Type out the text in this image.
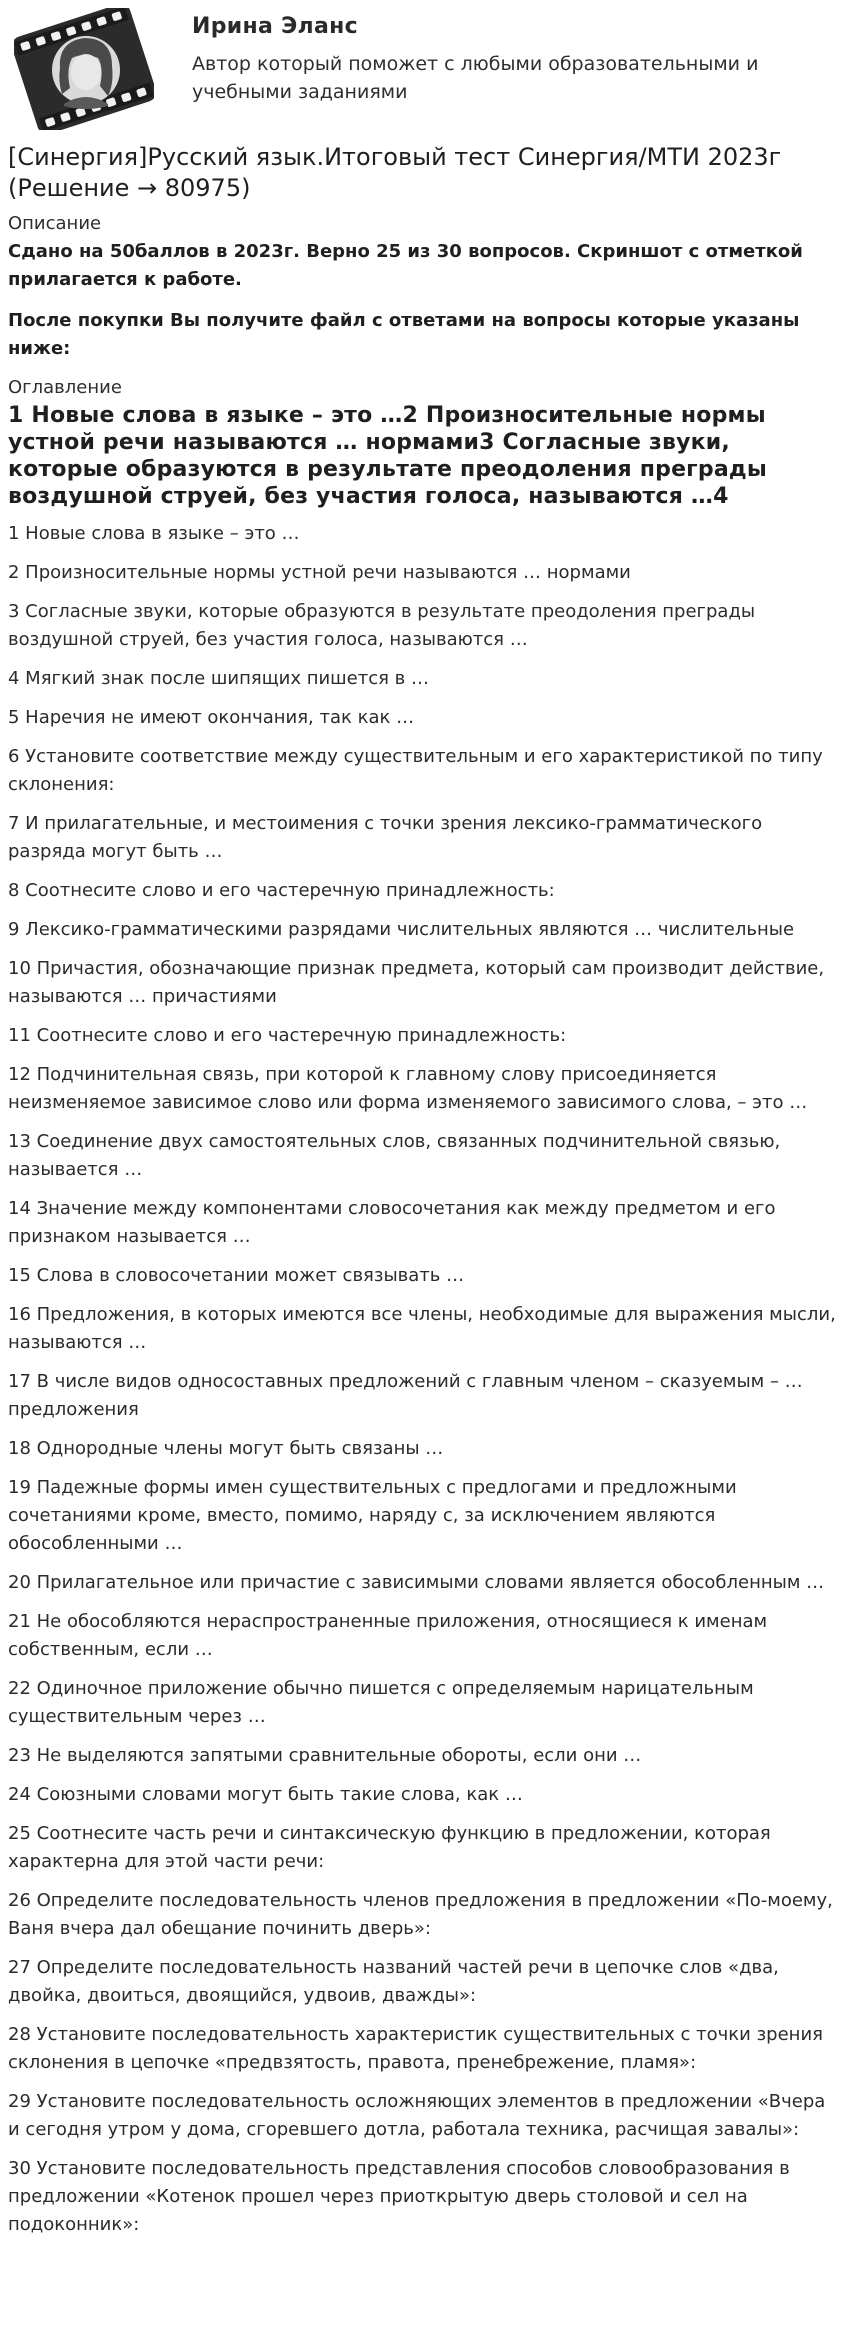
Ирина Эланс
Автор который поможет с любыми образовательными и учебными заданиями
[Синергия]Русский язык.Итоговый тест Синергия/МТИ 2023г (Решение → 80975)
Описание
Сдано на 50баллов в 2023г. Верно 25 из 30 вопросов. Скриншот с отметкой прилагается к работе.
После покупки Вы получите файл с ответами на вопросы которые указаны ниже:
Оглавление
1 Новые слова в языке – это …2 Произносительные нормы устной речи называются … нормами3 Согласные звуки, которые образуются в результате преодоления преграды воздушной струей, без участия голоса, называются …4

1 Новые слова в языке – это …

2 Произносительные нормы устной речи называются … нормами

3 Согласные звуки, которые образуются в результате преодоления преграды воздушной струей, без участия голоса, называются …

4 Мягкий знак после шипящих пишется в …

5 Наречия не имеют окончания, так как …

6 Установите соответствие между существительным и его характеристикой по типу склонения:

7 И прилагательные, и местоимения с точки зрения лексико-грамматического разряда могут быть …

8 Соотнесите слово и его частеречную принадлежность:

9 Лексико-грамматическими разрядами числительных являются … числительные

10 Причастия, обозначающие признак предмета, который сам производит действие, называются … причастиями

11 Соотнесите слово и его частеречную принадлежность:

12 Подчинительная связь, при которой к главному слову присоединяется неизменяемое зависимое слово или форма изменяемого зависимого слова, – это …

13 Соединение двух самостоятельных слов, связанных подчинительной связью, называется …

14 Значение между компонентами словосочетания как между предметом и его признаком называется …

15 Слова в словосочетании может связывать …

16 Предложения, в которых имеются все члены, необходимые для выражения мысли, называются …

17 В числе видов односоставных предложений с главным членом – сказуемым – … предложения

18 Однородные члены могут быть связаны …

19 Падежные формы имен существительных с предлогами и предложными сочетаниями кроме, вместо, помимо, наряду с, за исключением являются обособленными …

20 Прилагательное или причастие с зависимыми словами является обособленным …

21 Не обособляются нераспространенные приложения, относящиеся к именам собственным, если …

22 Одиночное приложение обычно пишется с определяемым нарицательным существительным через …

23 Не выделяются запятыми сравнительные обороты, если они …

24 Союзными словами могут быть такие слова, как …

25 Соотнесите часть речи и синтаксическую функцию в предложении, которая характерна для этой части речи:

26 Определите последовательность членов предложения в предложении «По-моему, Ваня вчера дал обещание починить дверь»:

27 Определите последовательность названий частей речи в цепочке слов «два, двойка, двоиться, двоящийся, удвоив, дважды»:

28 Установите последовательность характеристик существительных с точки зрения склонения в цепочке «предвзятость, правота, пренебрежение, пламя»:

29 Установите последовательность осложняющих элементов в предложении «Вчера и сегодня утром у дома, сгоревшего дотла, работала техника, расчищая завалы»:

30 Установите последовательность представления способов словообразования в предложении «Котенок прошел через приоткрытую дверь столовой и сел на подоконник»:
